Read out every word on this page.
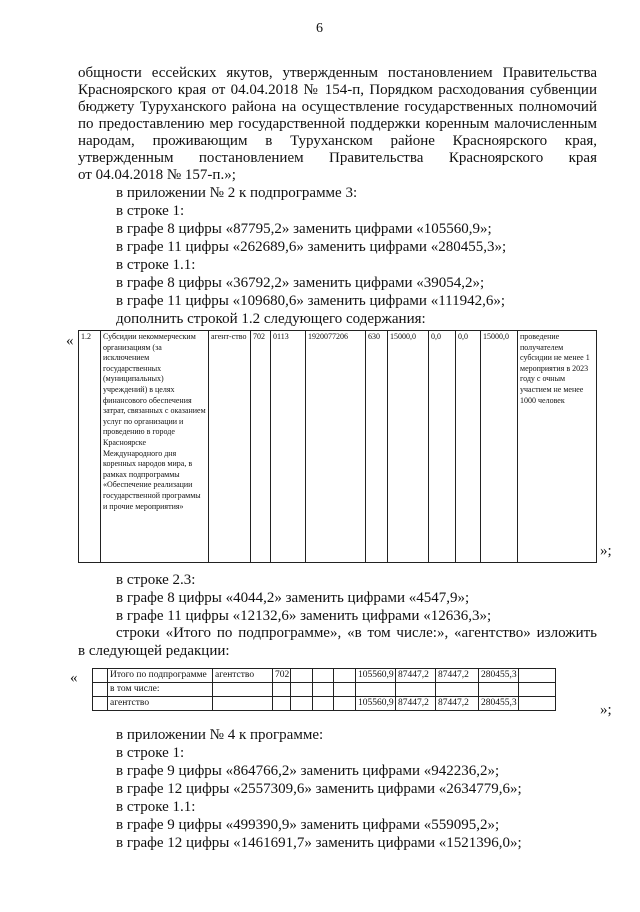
6
общности ессейских якутов, утвержденным постановлением Правительства
Красноярского края от 04.04.2018 № 154-п, Порядком расходования субвенции
бюджету Туруханского района на осуществление государственных полномочий
по предоставлению мер государственной поддержки коренным малочисленным
народам, проживающим в Туруханском районе Красноярского края,
утвержденным постановлением Правительства Красноярского края
от 04.04.2018 № 157-п.»;
в приложении № 2 к подпрограмме 3:
в строке 1:
в графе 8 цифры «87795,2» заменить цифрами «105560,9»;
в графе 11 цифры «262689,6» заменить цифрами «280455,3»;
в строке 1.1:
в графе 8 цифры «36792,2» заменить цифрами «39054,2»;
в графе 11 цифры «109680,6» заменить цифрами «111942,6»;
дополнить строкой 1.2 следующего содержания:
в строке 2.3:
в графе 8 цифры «4044,2» заменить цифрами «4547,9»;
в графе 11 цифры «12132,6» заменить цифрами «12636,3»;
строки «Итого по подпрограмме», «в том числе:», «агентство» изложить
в следующей редакции:
в приложении № 4 к программе:
в строке 1:
в графе 9 цифры «864766,2» заменить цифрами «942236,2»;
в графе 12 цифры «2557309,6» заменить цифрами «2634779,6»;
в строке 1.1:
в графе 9 цифры «499390,9» заменить цифрами «559095,2»;
в графе 12 цифры «1461691,7» заменить цифрами «1521396,0»;
1.2	Субсидии некоммерческим организациям (за исключением государственных (муниципальных) учреждений) в целях финансового обеспечения затрат, связанных с оказанием услуг по организации и проведению в городе Красноярске Международного дня коренных народов мира, в рамках подпрограммы «Обеспечение реализации государственной программы и прочие мероприятия»	агент-ство	702	0113	1920077206	630	15000,0	0,0	0,0	15000,0	проведение получателем субсидии не менее 1 мероприятия в 2023 году с очным участием не менее 1000 человек
«
»;
	Итого по подпрограмме	агентство	702				105560,9	87447,2	87447,2	280455,3	
	в том числе:										
	агентство						105560,9	87447,2	87447,2	280455,3	
«
»;
